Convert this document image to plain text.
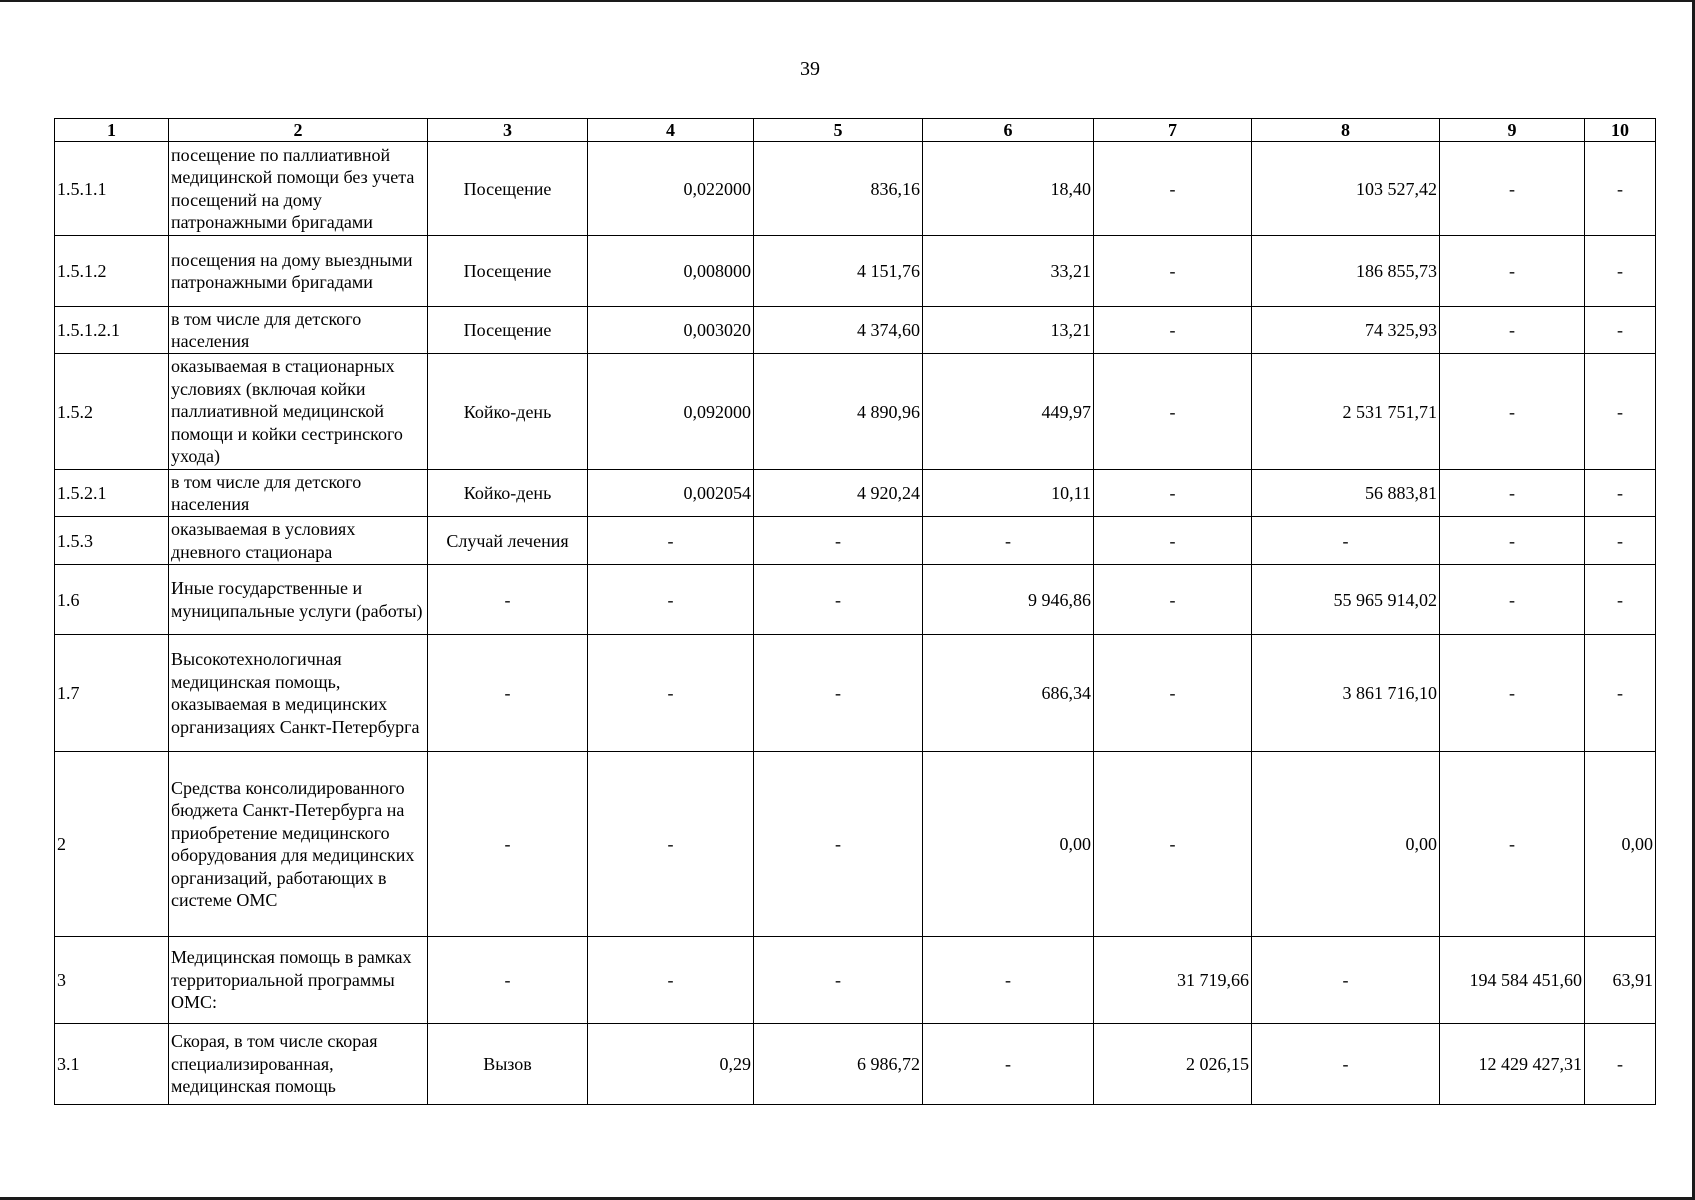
39
1	2	3	4	5	6	7	8	9	10
1.5.1.1	посещение по паллиативной медицинской помощи без учета посещений на дому патронажными бригадами	Посещение	0,022000	836,16	18,40	-	103 527,42	-	-
1.5.1.2	посещения на дому выездными патронажными бригадами	Посещение	0,008000	4 151,76	33,21	-	186 855,73	-	-
1.5.1.2.1	в том числе для детского населения	Посещение	0,003020	4 374,60	13,21	-	74 325,93	-	-
1.5.2	оказываемая в стационарных условиях (включая койки паллиативной медицинской помощи и койки сестринского ухода)	Койко-день	0,092000	4 890,96	449,97	-	2 531 751,71	-	-
1.5.2.1	в том числе для детского населения	Койко-день	0,002054	4 920,24	10,11	-	56 883,81	-	-
1.5.3	оказываемая в условиях дневного стационара	Случай лечения	-	-	-	-	-	-	-
1.6	Иные государственные и муниципальные услуги (работы)	-	-	-	9 946,86	-	55 965 914,02	-	-
1.7	Высокотехнологичная медицинская помощь, оказываемая в медицинских организациях Санкт-Петербурга	-	-	-	686,34	-	3 861 716,10	-	-
2	Средства консолидированного бюджета Санкт-Петербурга на приобретение медицинского оборудования для медицинских организаций, работающих в системе ОМС	-	-	-	0,00	-	0,00	-	0,00
3	Медицинская помощь в рамках территориальной программы ОМС:	-	-	-	-	31 719,66	-	194 584 451,60	63,91
3.1	Скорая, в том числе скорая специализированная, медицинская помощь	Вызов	0,29	6 986,72	-	2 026,15	-	12 429 427,31	-
